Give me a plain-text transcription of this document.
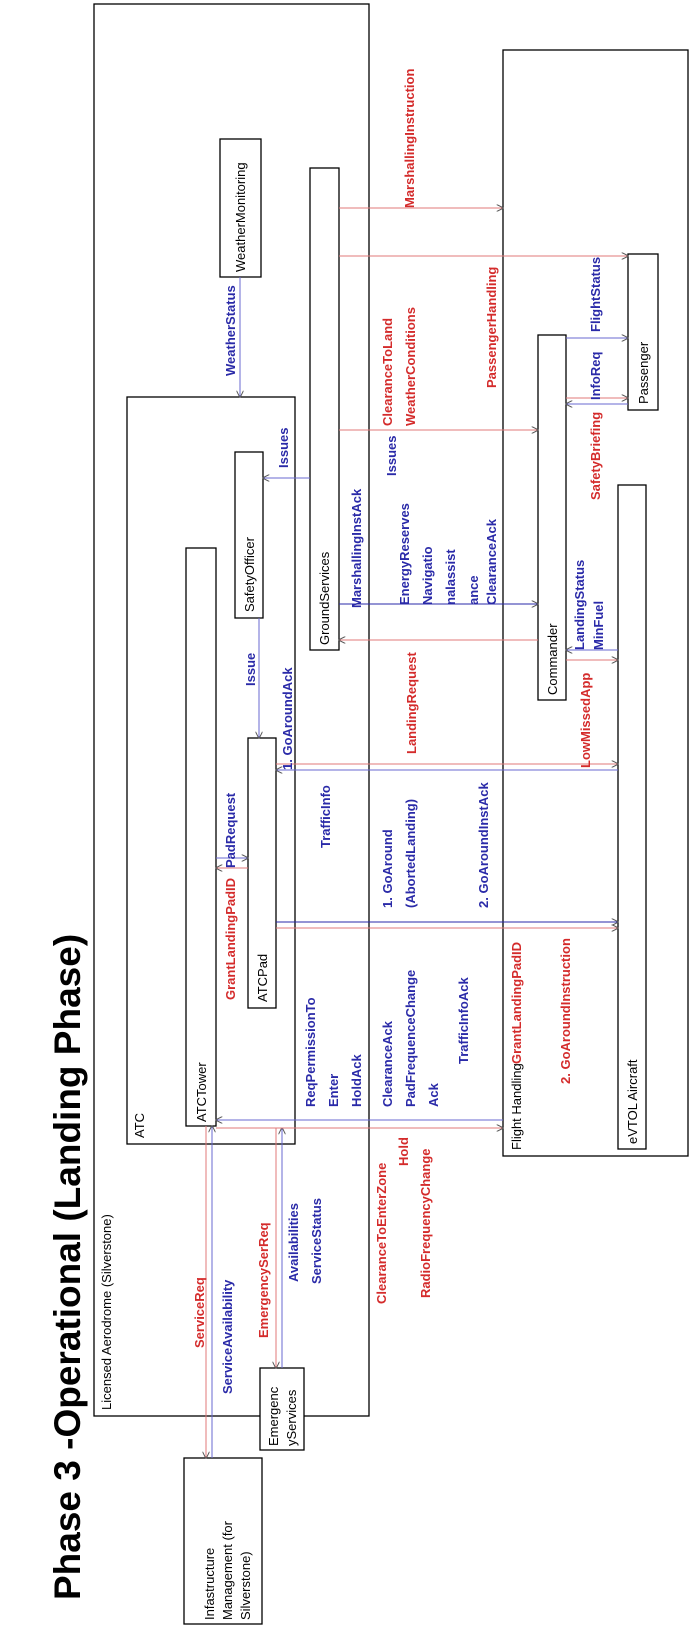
Phase 3 -Operational (Landing Phase)	Infastructure Management (for Silverstone)
Licensed Aerodrome (Silverstone)
ATC
ATCTower
ATCPad
SafetyOfficer
WeatherMonitoring
GroundServices
Emergenc yServices
Flight Handling
Commander
Passenger
eVTOL Aircraft
ServiceReq ServiceAvailability EmergencySerReq Availabilities ServiceStatus	ClearanceToEnterZone
Hold RadioFrequencyChange
ReqPermissionTo Enter HoldAck ClearanceAck PadFrequenceChange Ack
TrafficInfoAck
GrantLandingPadID
PadRequest	TrafficInfo
1. GoAroundAck
Issue
Issues
WeatherStatus
MarshallingInstAck
1. GoAround (AbortedLanding)	2. GoAroundInstAck
GrantLandingPadID	2. GoAroundInstruction
LandingRequest
EnergyReserves Navigatio nalassist ance ClearanceAck
Issues
ClearanceToLand WeatherConditions	PassengerHandling
MarshallingInstruction
LowMissedApp
LandingStatus MinFuel
SafetyBriefing
InfoReq
FlightStatus
